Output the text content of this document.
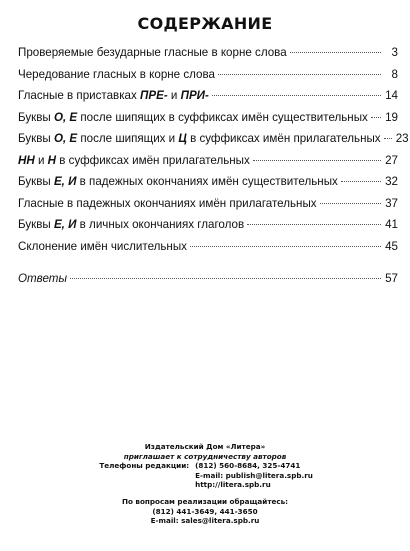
СОДЕРЖАНИЕ
Проверяемые безударные гласные в корне слова	3
Чередование гласных в корне слова	8
Гласные в приставках ПРЕ- и ПРИ-	14
Буквы О, Е после шипящих в суффиксах имён существительных 19
Буквы О, Е после шипящих и Ц в суффиксах имён прилагательных 23
НН и Н в суффиксах имён прилагательных	27
Буквы Е, И в падежных окончаниях имён существительных	32
Гласные в падежных окончаниях имён прилагательных	37
Буквы Е, И в личных окончаниях глаголов	41
Склонение имён числительных	45
Ответы	57
Издательский Дом «Литера»
приглашает к сотрудничеству авторов
Телефоны редакции: (812) 560-8684, 325-4741
E-mail: publish@litera.spb.ru
http://litera.spb.ru
По вопросам реализации обращайтесь:
(812) 441-3649, 441-3650
E-mail: sales@litera.spb.ru
